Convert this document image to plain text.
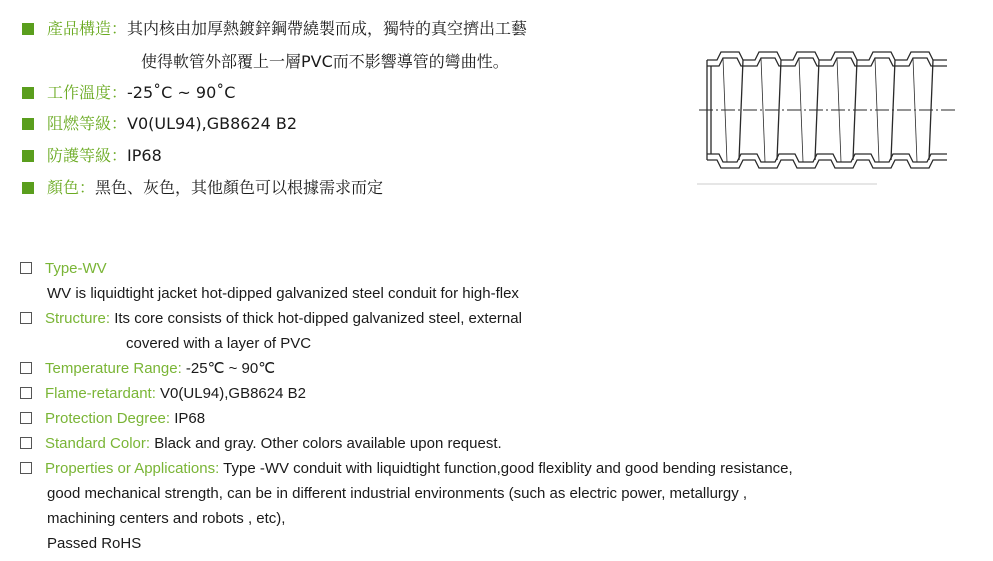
產品構造：其内核由加厚熱鍍鋅鋼帶繞製而成，獨特的真空擠出工藝
使得軟管外部覆上一層PVC而不影響導管的彎曲性。
工作溫度：-25˚C ~ 90˚C
阻燃等級：V0(UL94),GB8624 B2
防護等級：IP68
顏色：黑色、灰色，其他顏色可以根據需求而定
Type-WV
WV is liquidtight jacket hot-dipped galvanized steel conduit for high-flex
Structure: Its core consists of thick hot-dipped galvanized steel, external
covered with a layer of PVC
Temperature Range: -25℃ ~ 90℃
Flame-retardant: V0(UL94),GB8624 B2
Protection Degree: IP68
Standard Color: Black and gray. Other colors available upon request.
Properties or Applications: Type -WV conduit with liquidtight function,good flexiblity and good bending resistance,
good mechanical strength, can be in different industrial environments (such as electric power, metallurgy ,
machining centers and robots , etc),
Passed RoHS
